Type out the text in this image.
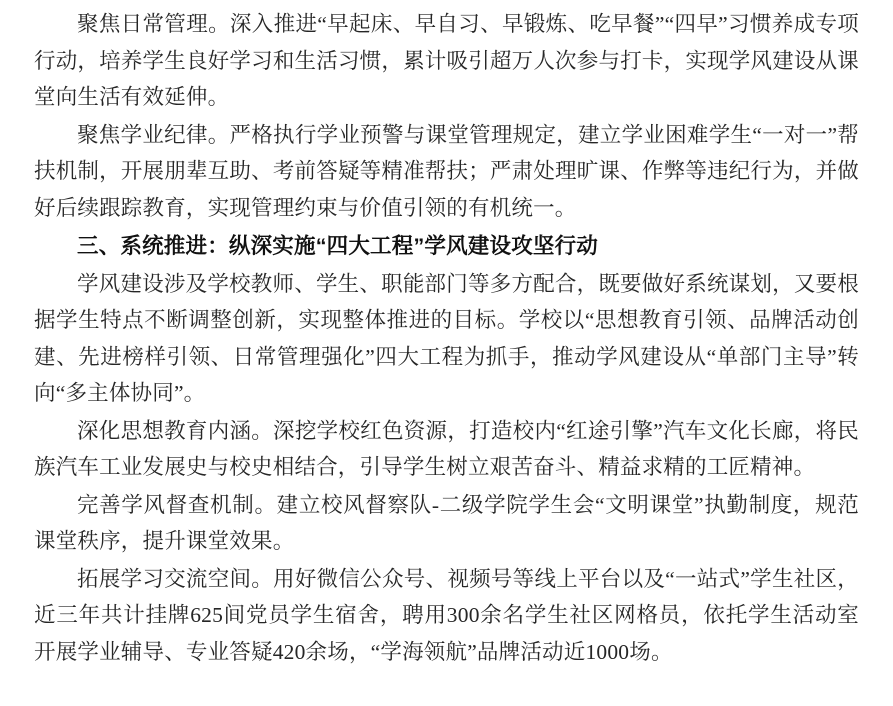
聚焦日常管理。深入推进“早起床、早自习、早锻炼、吃早餐”“四早”习惯养成专项行动，培养学生良好学习和生活习惯，累计吸引超万人次参与打卡，实现学风建设从课堂向生活有效延伸。

聚焦学业纪律。严格执行学业预警与课堂管理规定，建立学业困难学生“一对一”帮扶机制，开展朋辈互助、考前答疑等精准帮扶；严肃处理旷课、作弊等违纪行为，并做好后续跟踪教育，实现管理约束与价值引领的有机统一。

三、系统推进：纵深实施“四大工程”学风建设攻坚行动

学风建设涉及学校教师、学生、职能部门等多方配合，既要做好系统谋划，又要根据学生特点不断调整创新，实现整体推进的目标。学校以“思想教育引领、品牌活动创建、先进榜样引领、日常管理强化”四大工程为抓手，推动学风建设从“单部门主导”转向“多主体协同”。

深化思想教育内涵。深挖学校红色资源，打造校内“红途引擎”汽车文化长廊，将民族汽车工业发展史与校史相结合，引导学生树立艰苦奋斗、精益求精的工匠精神。

完善学风督查机制。建立校风督察队-二级学院学生会“文明课堂”执勤制度，规范课堂秩序，提升课堂效果。

拓展学习交流空间。用好微信公众号、视频号等线上平台以及“一站式”学生社区，近三年共计挂牌625间党员学生宿舍，聘用300余名学生社区网格员，依托学生活动室开展学业辅导、专业答疑420余场，“学海领航”品牌活动近1000场。
